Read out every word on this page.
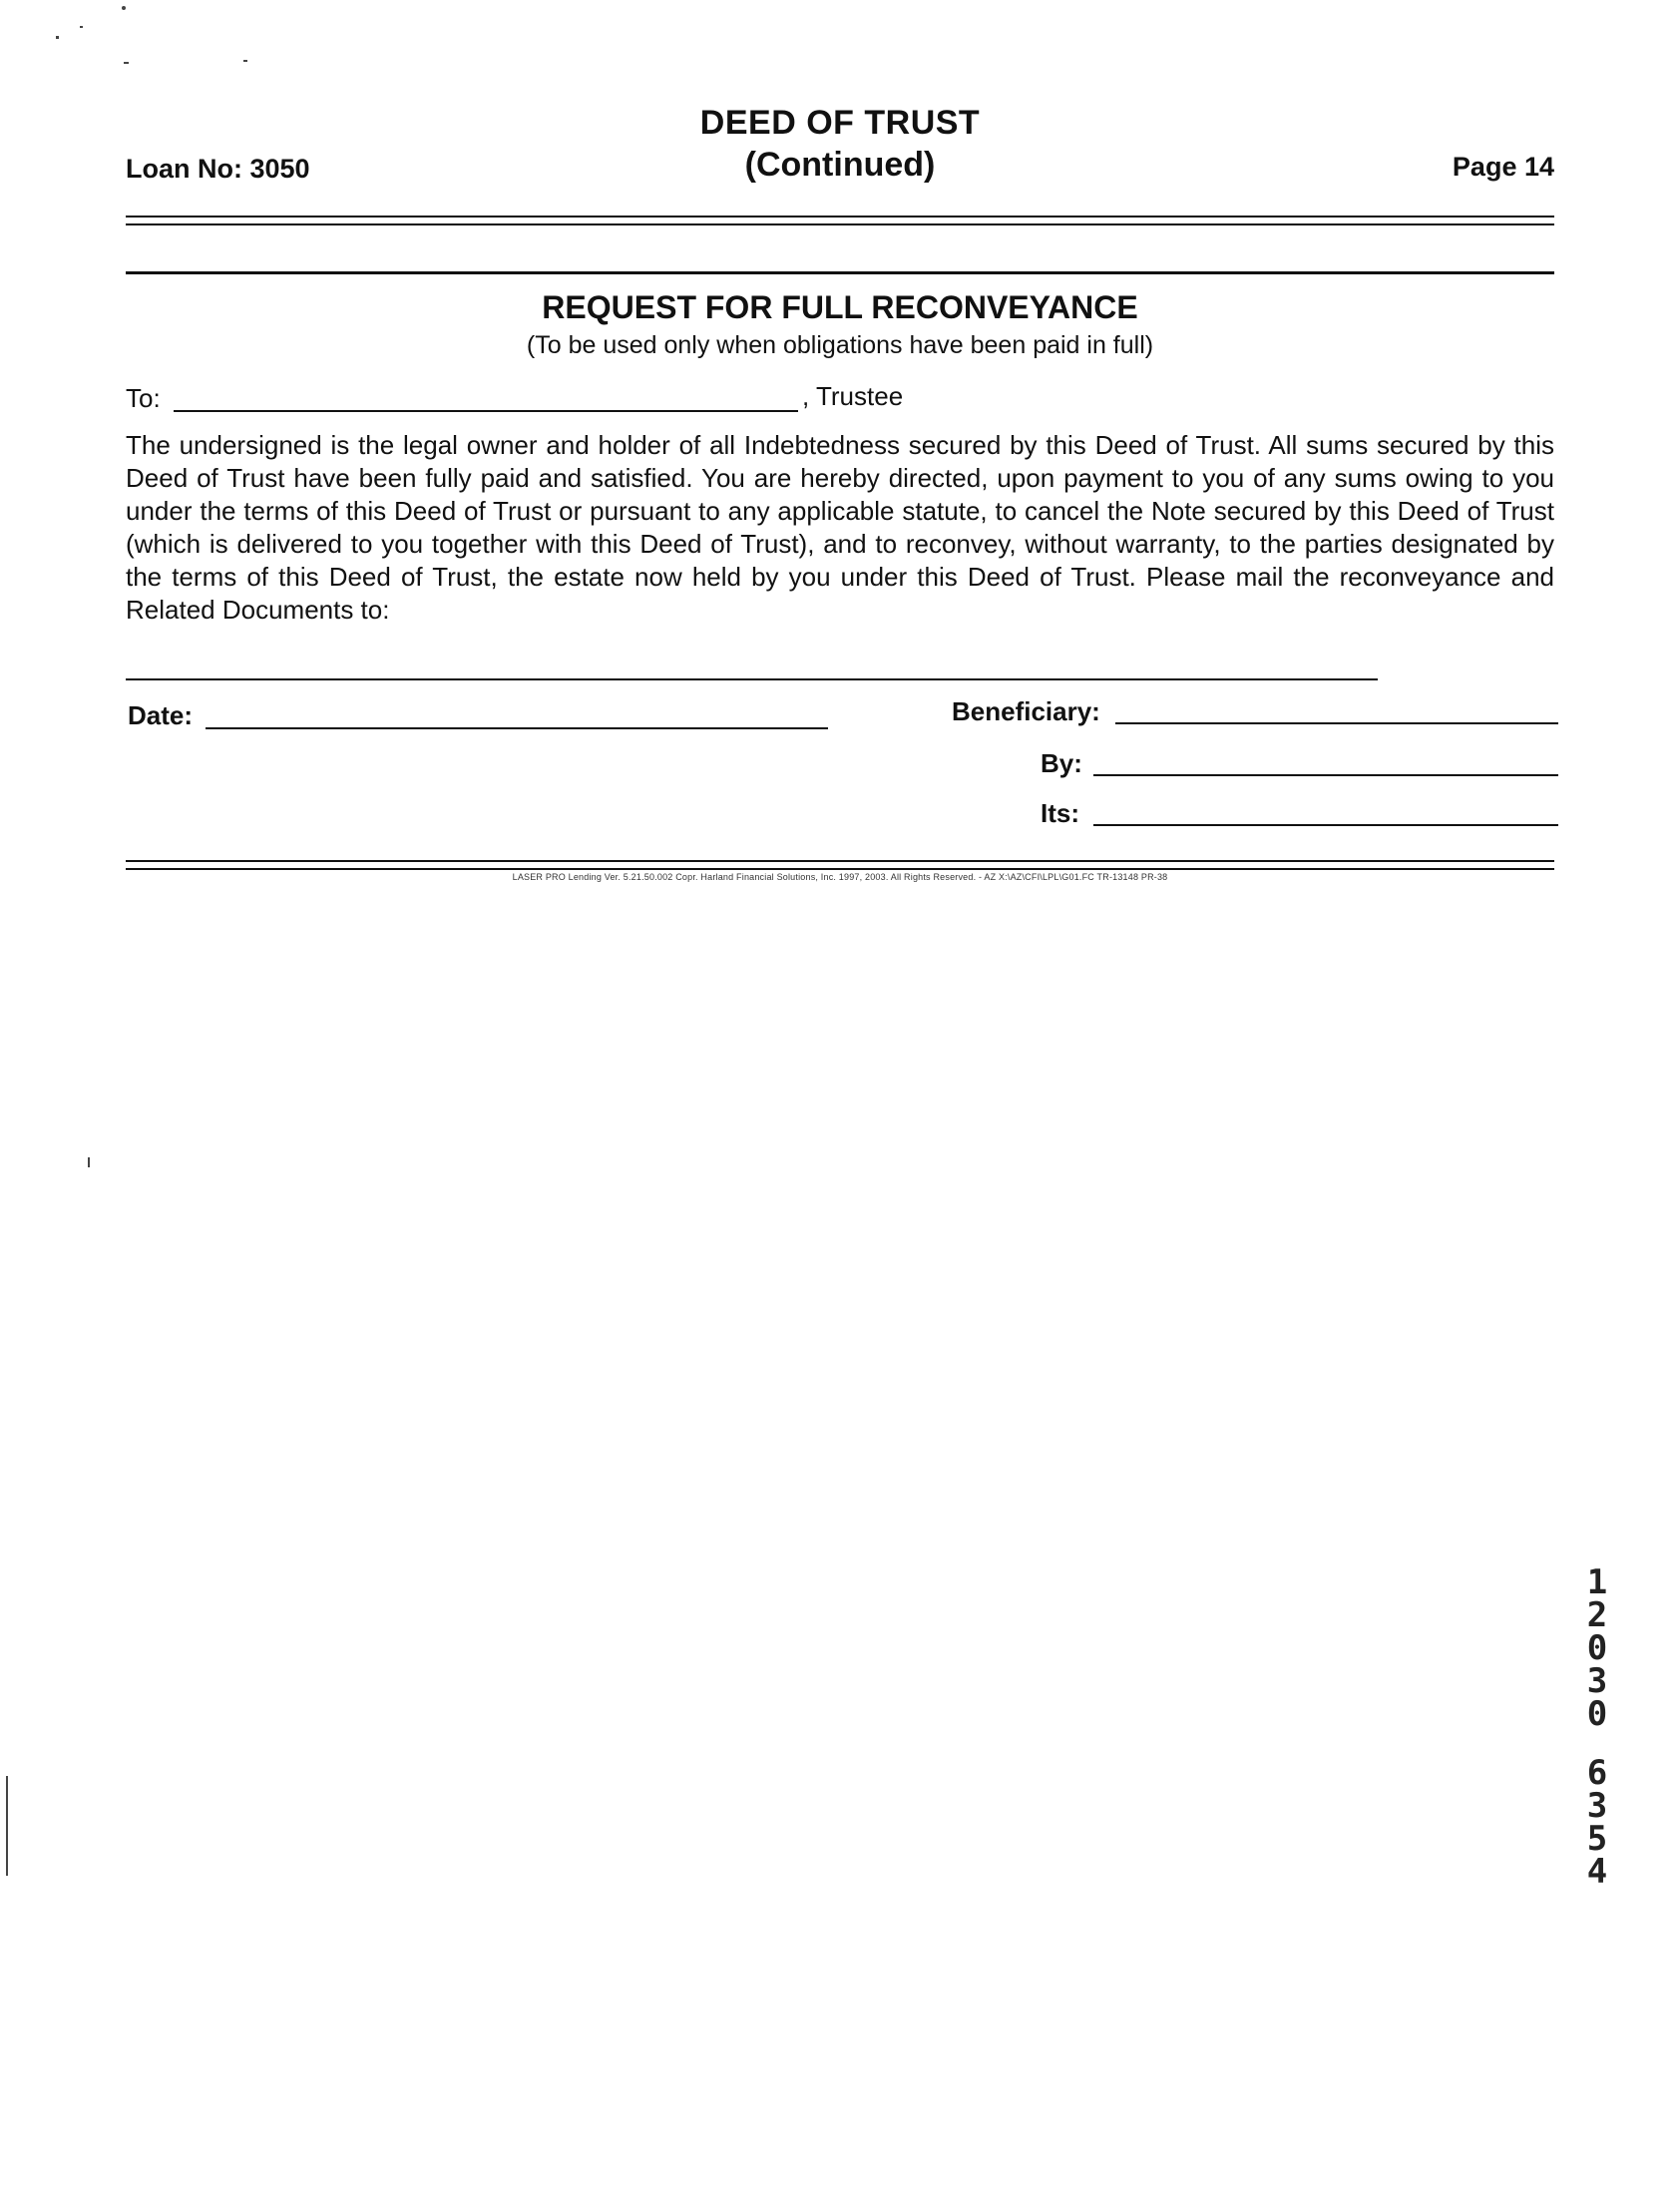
DEED OF TRUST
(Continued)
Loan No: 3050	Page 14
REQUEST FOR FULL RECONVEYANCE
(To be used only when obligations have been paid in full)
To:	, Trustee
The undersigned is the legal owner and holder of all Indebtedness secured by this Deed of Trust. All sums secured by this Deed of Trust have been fully paid and satisfied. You are hereby directed, upon payment to you of any sums owing to you under the terms of this Deed of Trust or pursuant to any applicable statute, to cancel the Note secured by this Deed of Trust (which is delivered to you together with this Deed of Trust), and to reconvey, without warranty, to the parties designated by the terms of this Deed of Trust, the estate now held by you under this Deed of Trust. Please mail the reconveyance and Related Documents to:
Date:	Beneficiary:
By:
Its:
LASER PRO Lending Ver. 5.21.50.002 Copr. Harland Financial Solutions, Inc. 1997, 2003. All Rights Reserved. - AZ X:\AZ\CFI\LPL\G01.FC TR-13148 PR-38
1
2
0
3
0
6
3
5
4
